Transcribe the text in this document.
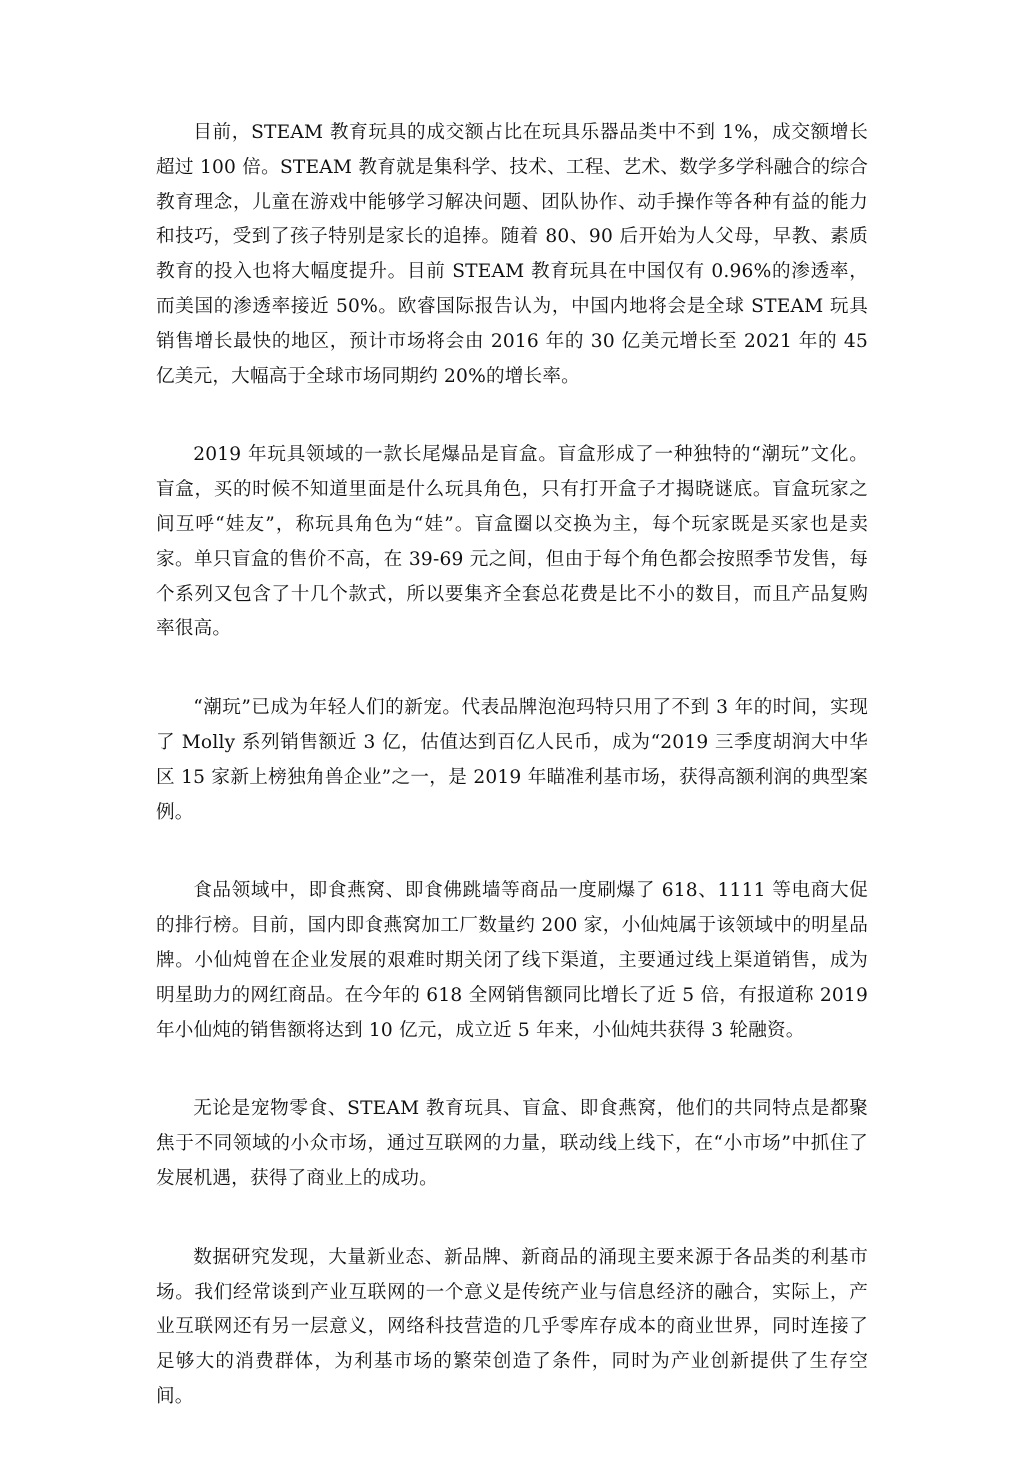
目前，STEAM 教育玩具的成交额占比在玩具乐器品类中不到 1%，成交额增长超过 100 倍。STEAM 教育就是集科学、技术、工程、艺术、数学多学科融合的综合教育理念，儿童在游戏中能够学习解决问题、团队协作、动手操作等各种有益的能力和技巧，受到了孩子特别是家长的追捧。随着 80、90 后开始为人父母，早教、素质教育的投入也将大幅度提升。目前 STEAM 教育玩具在中国仅有 0.96%的渗透率，而美国的渗透率接近 50%。欧睿国际报告认为，中国内地将会是全球 STEAM 玩具销售增长最快的地区，预计市场将会由 2016 年的 30 亿美元增长至 2021 年的 45 亿美元，大幅高于全球市场同期约 20%的增长率。

2019 年玩具领域的一款长尾爆品是盲盒。盲盒形成了一种独特的“潮玩”文化。盲盒，买的时候不知道里面是什么玩具角色，只有打开盒子才揭晓谜底。盲盒玩家之间互呼“娃友”，称玩具角色为“娃”。盲盒圈以交换为主，每个玩家既是买家也是卖家。单只盲盒的售价不高，在 39-69 元之间，但由于每个角色都会按照季节发售，每个系列又包含了十几个款式，所以要集齐全套总花费是比不小的数目，而且产品复购率很高。

“潮玩”已成为年轻人们的新宠。代表品牌泡泡玛特只用了不到 3 年的时间，实现了 Molly 系列销售额近 3 亿，估值达到百亿人民币，成为“2019 三季度胡润大中华区 15 家新上榜独角兽企业”之一，是 2019 年瞄准利基市场，获得高额利润的典型案例。

食品领域中，即食燕窝、即食佛跳墙等商品一度刷爆了 618、1111 等电商大促的排行榜。目前，国内即食燕窝加工厂数量约 200 家，小仙炖属于该领域中的明星品牌。小仙炖曾在企业发展的艰难时期关闭了线下渠道，主要通过线上渠道销售，成为明星助力的网红商品。在今年的 618 全网销售额同比增长了近 5 倍，有报道称 2019 年小仙炖的销售额将达到 10 亿元，成立近 5 年来，小仙炖共获得 3 轮融资。

无论是宠物零食、STEAM 教育玩具、盲盒、即食燕窝，他们的共同特点是都聚焦于不同领域的小众市场，通过互联网的力量，联动线上线下，在“小市场”中抓住了发展机遇，获得了商业上的成功。

数据研究发现，大量新业态、新品牌、新商品的涌现主要来源于各品类的利基市场。我们经常谈到产业互联网的一个意义是传统产业与信息经济的融合，实际上，产业互联网还有另一层意义，网络科技营造的几乎零库存成本的商业世界，同时连接了足够大的消费群体，为利基市场的繁荣创造了条件，同时为产业创新提供了生存空间。
